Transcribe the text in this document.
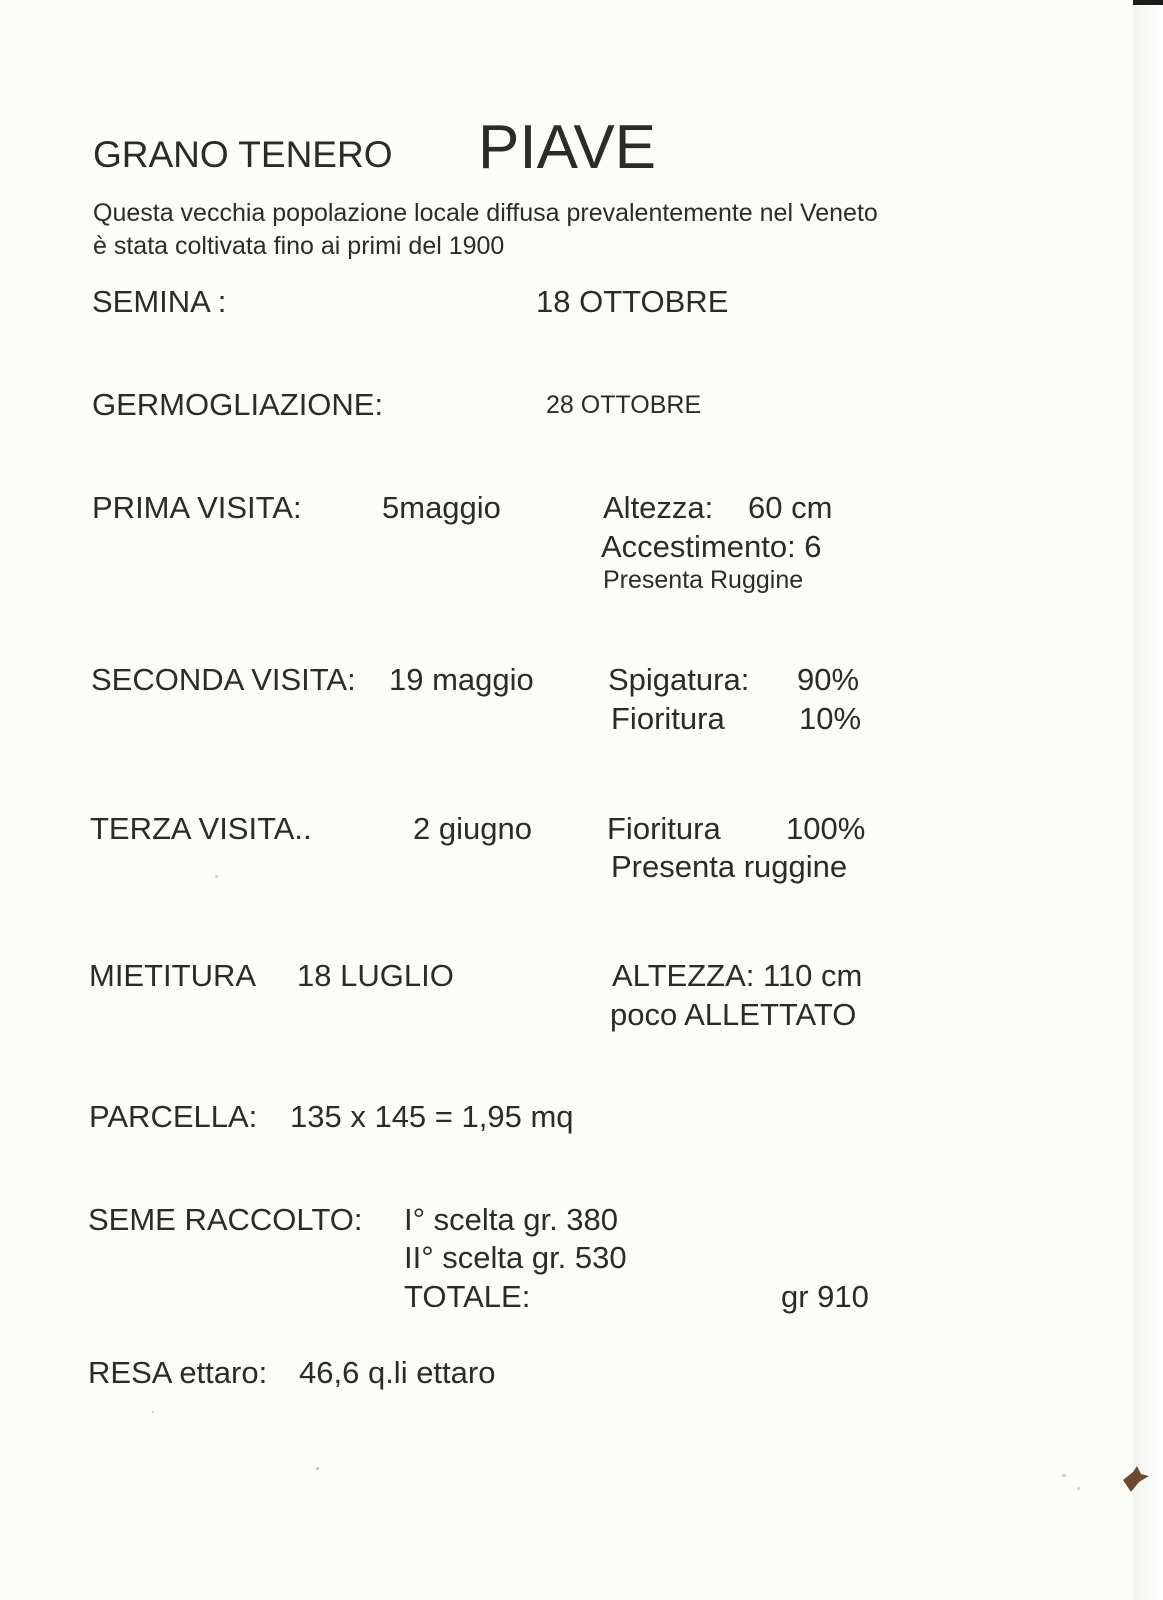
GRANO TENERO PIAVE
Questa vecchia popolazione locale diffusa prevalentemente nel Veneto
è stata coltivata fino ai primi del 1900
SEMINA :	18 OTTOBRE
GERMOGLIAZIONE:	28 OTTOBRE
PRIMA VISITA:	5maggio	Altezza: 60 cm
Accestimento: 6
Presenta Ruggine
SECONDA VISITA: 19 maggio Spigatura: 90%
Fioritura 10%
TERZA VISITA..	2 giugno Fioritura 100%
Presenta ruggine
MIETITURA 18 LUGLIO	ALTEZZA: 110 cm
poco ALLETTATO
PARCELLA: 135 x 145 = 1,95 mq
SEME RACCOLTO: I° scelta gr. 380
II° scelta gr. 530
TOTALE:	gr 910
RESA ettaro: 46,6 q.li ettaro
